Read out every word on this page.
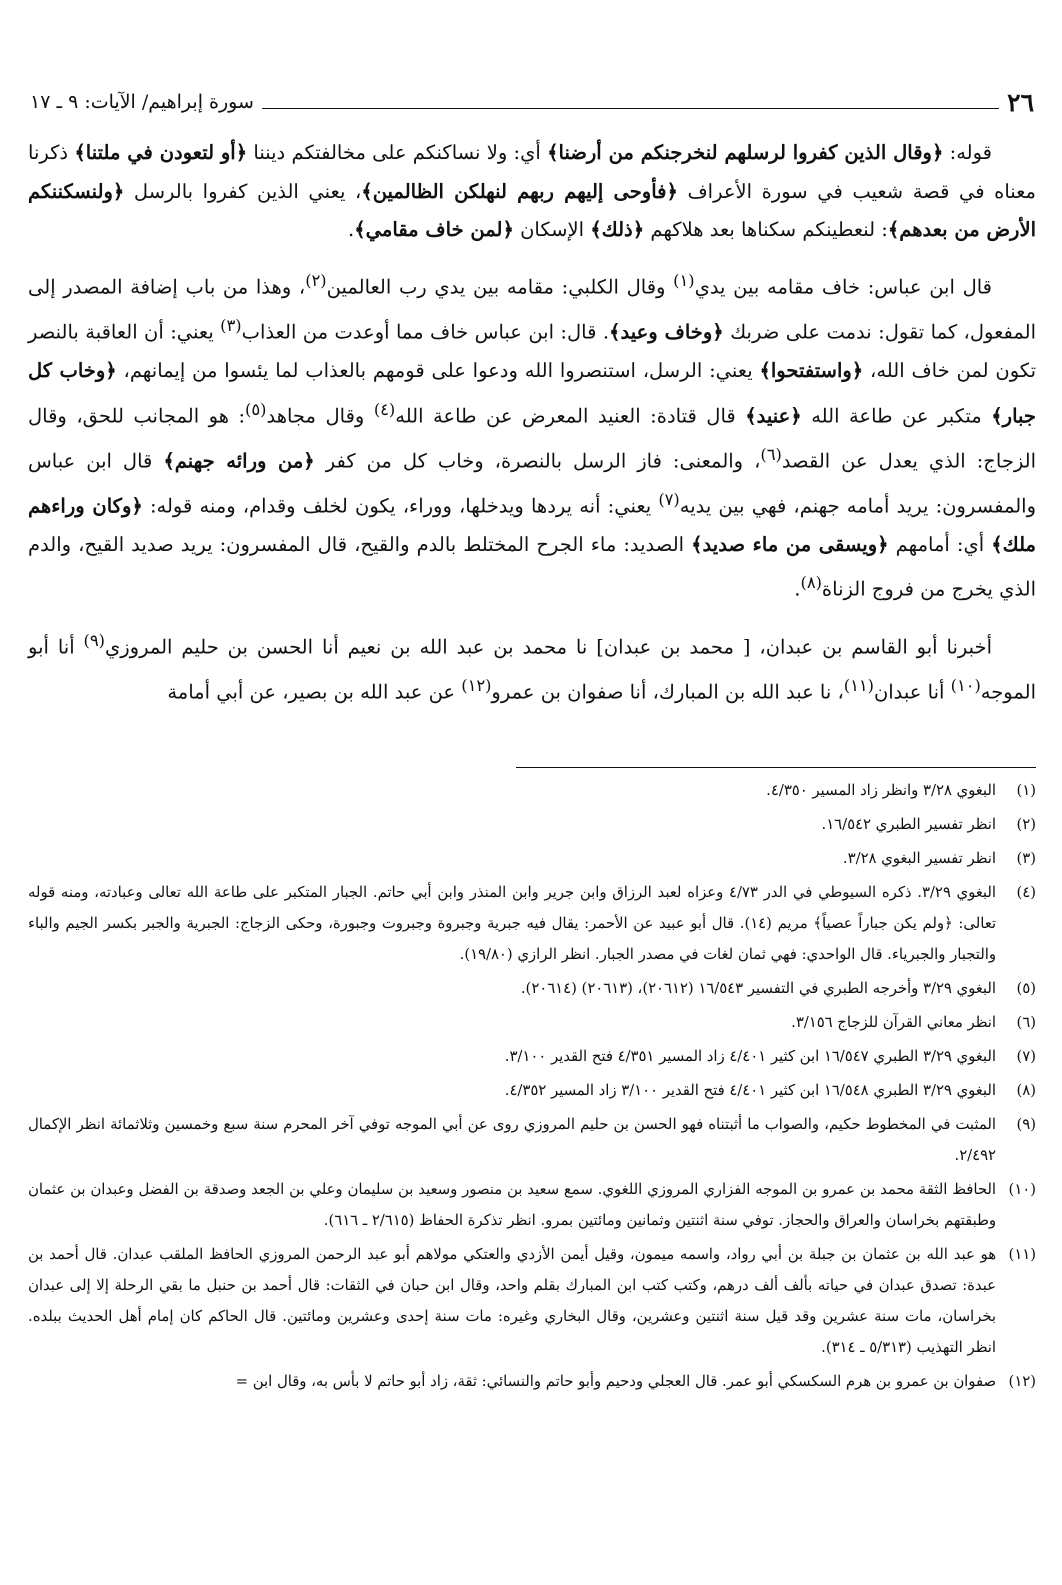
٢٦
سورة إبراهيم/ الآيات: ٩ ـ ١٧

قوله: ﴿وقال الذين كفروا لرسلهم لنخرجنكم من أرضنا﴾ أي: ولا نساكنكم على مخالفتكم ديننا ﴿أو لتعودن في ملتنا﴾ ذكرنا معناه في قصة شعيب في سورة الأعراف ﴿فأوحى إليهم ربهم لنهلكن الظالمين﴾، يعني الذين كفروا بالرسل ﴿ولنسكننكم الأرض من بعدهم﴾: لنعطينكم سكناها بعد هلاكهم ﴿ذلك﴾ الإسكان ﴿لمن خاف مقامي﴾.

قال ابن عباس: خاف مقامه بين يدي$^{(١)}$ وقال الكلبي: مقامه بين يدي رب العالمين$^{(٢)}$، وهذا من باب إضافة المصدر إلى المفعول، كما تقول: ندمت على ضربك ﴿وخاف وعيد﴾. قال: ابن عباس خاف مما أوعدت من العذاب$^{(٣)}$ يعني: أن العاقبة بالنصر تكون لمن خاف الله، ﴿واستفتحوا﴾ يعني: الرسل، استنصروا الله ودعوا على قومهم بالعذاب لما يئسوا من إيمانهم، ﴿وخاب كل جبار﴾ متكبر عن طاعة الله ﴿عنيد﴾ قال قتادة: العنيد المعرض عن طاعة الله$^{(٤)}$ وقال مجاهد$^{(٥)}$: هو المجانب للحق، وقال الزجاج: الذي يعدل عن القصد$^{(٦)}$، والمعنى: فاز الرسل بالنصرة، وخاب كل من كفر ﴿من ورائه جهنم﴾ قال ابن عباس والمفسرون: يريد أمامه جهنم، فهي بين يديه$^{(٧)}$ يعني: أنه يردها ويدخلها، ووراء، يكون لخلف وقدام، ومنه قوله: ﴿وكان وراءهم ملك﴾ أي: أمامهم ﴿ويسقى من ماء صديد﴾ الصديد: ماء الجرح المختلط بالدم والقيح، قال المفسرون: يريد صديد القيح، والدم الذي يخرج من فروج الزناة$^{(٨)}$.

أخبرنا أبو القاسم بن عبدان، [ محمد بن عبدان] نا محمد بن عبد الله بن نعيم أنا الحسن بن حليم المروزي$^{(٩)}$ أنا أبو الموجه$^{(١٠)}$ أنا عبدان$^{(١١)}$، نا عبد الله بن المبارك، أنا صفوان بن عمرو$^{(١٢)}$ عن عبد الله بن بصير، عن أبي أمامة

(١)البغوي ٣/٢٨ وانظر زاد المسير ٤/٣٥٠.
(٢)انظر تفسير الطبري ١٦/٥٤٢.
(٣)انظر تفسير البغوي ٣/٢٨.
(٤)البغوي ٣/٢٩. ذكره السيوطي في الدر ٤/٧٣ وعزاه لعبد الرزاق وابن جرير وابن المنذر وابن أبي حاتم. الجبار المتكبر على طاعة الله تعالى وعبادته، ومنه قوله تعالى: ﴿ولم يكن جباراً عصياً﴾ مريم (١٤). قال أبو عبيد عن الأحمر: يقال فيه جبرية وجبروة وجبروت وجبورة، وحكى الزجاج: الجبرية والجبر بكسر الجيم والباء والتجبار والجبرياء. قال الواحدي: فهي ثمان لغات في مصدر الجبار. انظر الرازي (١٩/٨٠).
(٥)البغوي ٣/٢٩ وأخرجه الطبري في التفسير ١٦/٥٤٣ (٢٠٦١٢)، (٢٠٦١٣) (٢٠٦١٤).
(٦)انظر معاني القرآن للزجاج ٣/١٥٦.
(٧)البغوي ٣/٢٩ الطبري ١٦/٥٤٧ ابن كثير ٤/٤٠١ زاد المسير ٤/٣٥١ فتح القدير ٣/١٠٠.
(٨)البغوي ٣/٢٩ الطبري ١٦/٥٤٨ ابن كثير ٤/٤٠١ فتح القدير ٣/١٠٠ زاد المسير ٤/٣٥٢.
(٩)المثبت في المخطوط حكيم، والصواب ما أثبتناه فهو الحسن بن حليم المروزي روى عن أبي الموجه توفي آخر المحرم سنة سبع وخمسين وثلاثمائة انظر الإكمال ٢/٤٩٢.
(١٠)الحافظ الثقة محمد بن عمرو بن الموجه الفزاري المروزي اللغوي. سمع سعيد بن منصور وسعيد بن سليمان وعلي بن الجعد وصدقة بن الفضل وعبدان بن عثمان وطبقتهم بخراسان والعراق والحجاز. توفي سنة اثنتين وثمانين ومائتين بمرو. انظر تذكرة الحفاظ (٢/٦١٥ ـ ٦١٦).
(١١)هو عبد الله بن عثمان بن جبلة بن أبي رواد، واسمه ميمون، وقيل أيمن الأزدي والعتكي مولاهم أبو عبد الرحمن المروزي الحافظ الملقب عبدان. قال أحمد بن عبدة: تصدق عبدان في حياته بألف ألف درهم، وكتب كتب ابن المبارك بقلم واحد، وقال ابن حبان في الثقات: قال أحمد بن حنبل ما بقي الرحلة إلا إلى عبدان بخراسان، مات سنة عشرين وقد قيل سنة اثنتين وعشرين، وقال البخاري وغيره: مات سنة إحدى وعشرين ومائتين. قال الحاكم كان إمام أهل الحديث ببلده. انظر التهذيب (٥/٣١٣ ـ ٣١٤).
(١٢)صفوان بن عمرو بن هرم السكسكي أبو عمر. قال العجلي ودحيم وأبو حاتم والنسائي: ثقة، زاد أبو حاتم لا بأس به، وقال ابن =
